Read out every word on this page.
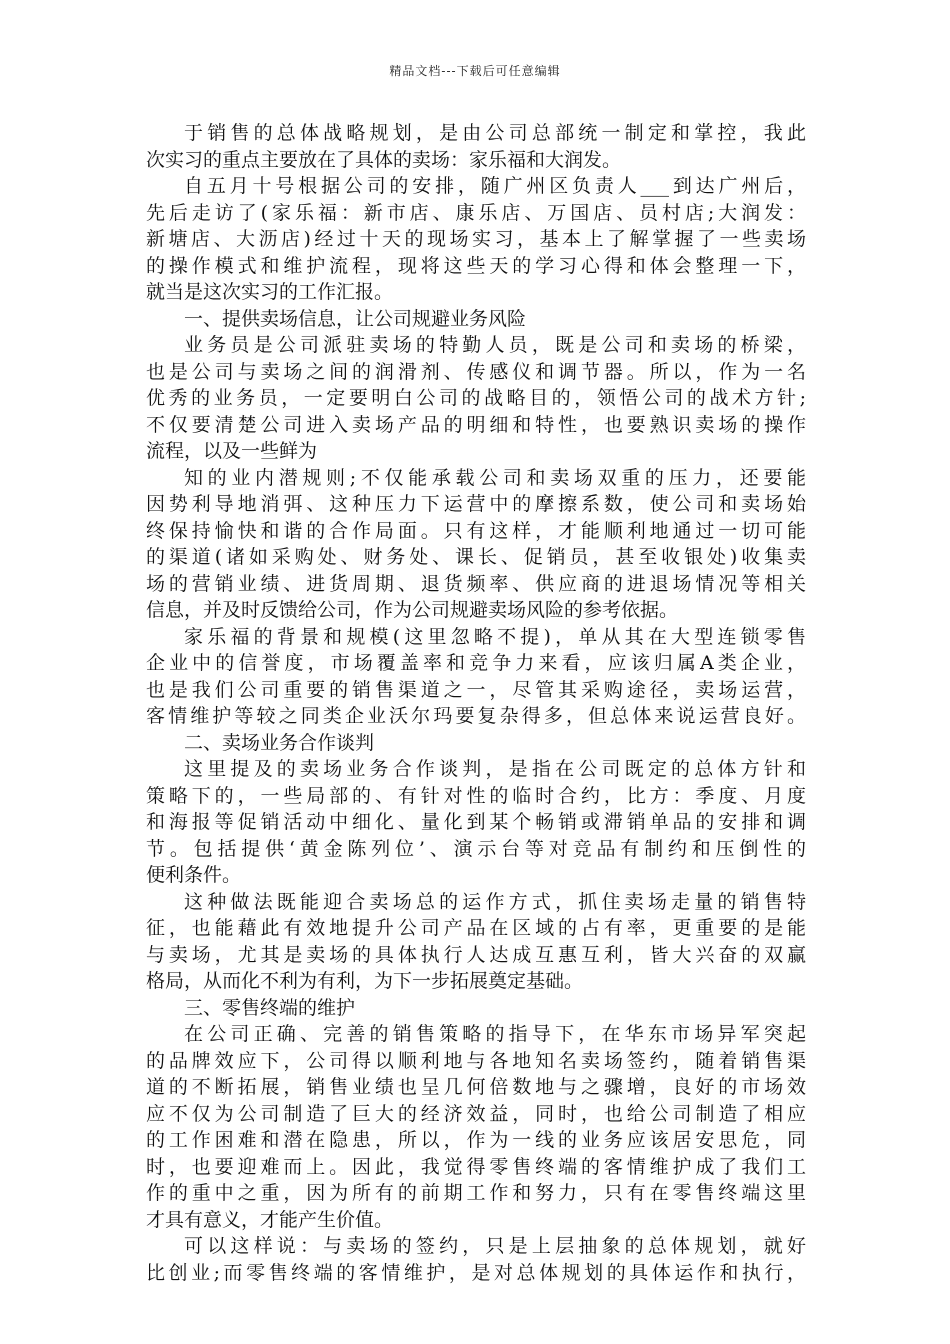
精品文档---下载后可任意编辑
于销售的总体战略规划，是由公司总部统一制定和掌控，我此
次实习的重点主要放在了具体的卖场：家乐福和大润发。
自五月十号根据公司的安排，随广州区负责人___到达广州后，
先后走访了(家乐福：新市店、康乐店、万国店、员村店;大润发：
新塘店、大沥店)经过十天的现场实习，基本上了解掌握了一些卖场
的操作模式和维护流程，现将这些天的学习心得和体会整理一下，
就当是这次实习的工作汇报。
一、提供卖场信息，让公司规避业务风险
业务员是公司派驻卖场的特勤人员，既是公司和卖场的桥梁，
也是公司与卖场之间的润滑剂、传感仪和调节器。所以，作为一名
优秀的业务员，一定要明白公司的战略目的，领悟公司的战术方针;
不仅要清楚公司进入卖场产品的明细和特性，也要熟识卖场的操作
流程，以及一些鲜为
知的业内潜规则;不仅能承载公司和卖场双重的压力，还要能
因势利导地消弭、这种压力下运营中的摩擦系数，使公司和卖场始
终保持愉快和谐的合作局面。只有这样，才能顺利地通过一切可能
的渠道(诸如采购处、财务处、课长、促销员，甚至收银处)收集卖
场的营销业绩、进货周期、退货频率、供应商的进退场情况等相关
信息，并及时反馈给公司，作为公司规避卖场风险的参考依据。
家乐福的背景和规模(这里忽略不提)，单从其在大型连锁零售
企业中的信誉度，市场覆盖率和竞争力来看，应该归属A类企业，
也是我们公司重要的销售渠道之一，尽管其采购途径，卖场运营，
客情维护等较之同类企业沃尔玛要复杂得多，但总体来说运营良好。
二、卖场业务合作谈判
这里提及的卖场业务合作谈判，是指在公司既定的总体方针和
策略下的，一些局部的、有针对性的临时合约，比方：季度、月度
和海报等促销活动中细化、量化到某个畅销或滞销单品的安排和调
节。包括提供‘黄金陈列位’、演示台等对竞品有制约和压倒性的
便利条件。
这种做法既能迎合卖场总的运作方式，抓住卖场走量的销售特
征，也能藉此有效地提升公司产品在区域的占有率，更重要的是能
与卖场，尤其是卖场的具体执行人达成互惠互利，皆大兴奋的双赢
格局，从而化不利为有利，为下一步拓展奠定基础。
三、零售终端的维护
在公司正确、完善的销售策略的指导下，在华东市场异军突起
的品牌效应下，公司得以顺利地与各地知名卖场签约，随着销售渠
道的不断拓展，销售业绩也呈几何倍数地与之骤增，良好的市场效
应不仅为公司制造了巨大的经济效益，同时，也给公司制造了相应
的工作困难和潜在隐患，所以，作为一线的业务应该居安思危，同
时，也要迎难而上。因此，我觉得零售终端的客情维护成了我们工
作的重中之重，因为所有的前期工作和努力，只有在零售终端这里
才具有意义，才能产生价值。
可以这样说：与卖场的签约，只是上层抽象的总体规划，就好
比创业;而零售终端的客情维护，是对总体规划的具体运作和执行，
